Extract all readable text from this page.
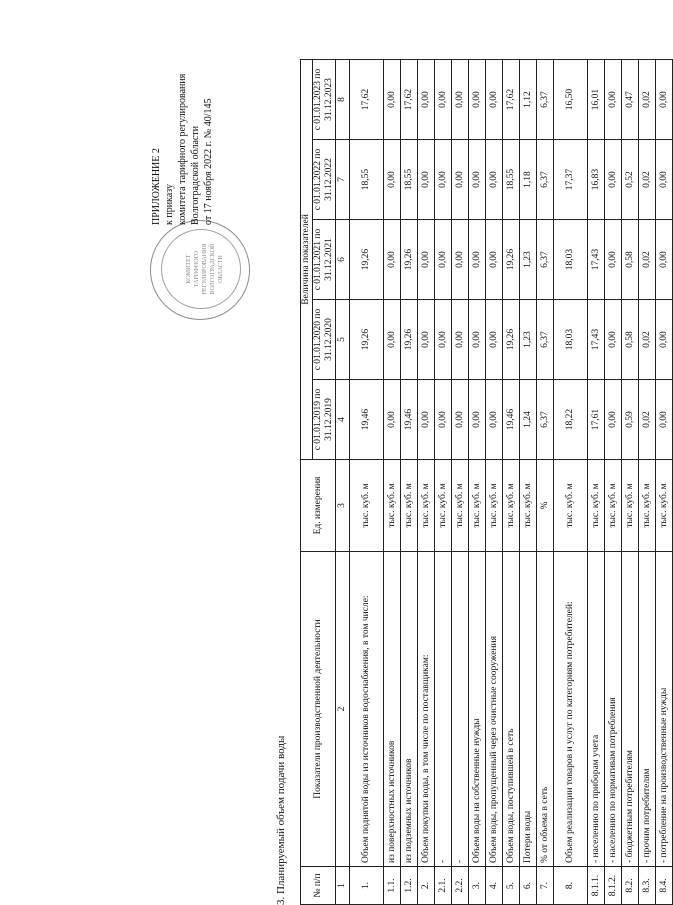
КОМИТЕТ ТАРИФНОГО РЕГУЛИРОВАНИЯ ВОЛГОГРАДСКОЙ ОБЛАСТИ
ПРИЛОЖЕНИЕ 2 к приказу комитета тарифного регулирования Волгоградской области от 17 ноября 2022 г. № 40/145
3. Планируемый объем подачи воды	№ п/п	Показатели производственной деятельности	Ед. измерения	Величина показателей				
			с 01.01.2019 по 31.12.2019	с 01.01.2020 по 31.12.2020	с 01.01.2021 по 31.12.2021	с 01.01.2022 по 31.12.2022	с 01.01.2023 по 31.12.2023
1	2	3	4	5	6	7	8
1.	Объем поднятой воды из источников водоснабжения, в том числе:	тыс. куб. м	19,46	19,26	19,26	18,55	17,62
1.1.	из поверхностных источников	тыс. куб. м	0,00	0,00	0,00	0,00	0,00
1.2.	из подземных источников	тыс. куб. м	19,46	19,26	19,26	18,55	17,62
2.	Объем покупки воды, в том числе по поставщикам:	тыс. куб. м	0,00	0,00	0,00	0,00	0,00
2.1.	-	тыс. куб. м	0,00	0,00	0,00	0,00	0,00
2.2.	-	тыс. куб. м	0,00	0,00	0,00	0,00	0,00
3.	Объем воды на собственные нужды	тыс. куб. м	0,00	0,00	0,00	0,00	0,00
4.	Объем воды, пропущенный через очистные сооружения	тыс. куб. м	0,00	0,00	0,00	0,00	0,00
5.	Объем воды, поступившей в сеть	тыс. куб. м	19,46	19,26	19,26	18,55	17,62
6.	Потери воды	тыс. куб. м	1,24	1,23	1,23	1,18	1,12
7.	% от объема в сеть	%	6,37	6,37	6,37	6,37	6,37
8.	Объем реализации товаров и услуг по категориям потребителей:	тыс. куб. м	18,22	18,03	18,03	17,37	16,50
8.1.1.	- населению по приборам учета	тыс. куб. м	17,61	17,43	17,43	16,83	16,01
8.1.2.	- населению по нормативам потребления	тыс. куб. м	0,00	0,00	0,00	0,00	0,00
8.2.	- бюджетным потребителям	тыс. куб. м	0,59	0,58	0,58	0,52	0,47
8.3.	- прочим потребителям	тыс. куб. м	0,02	0,02	0,02	0,02	0,02
8.4.	- потребление на производственные нужды	тыс. куб. м	0,00	0,00	0,00	0,00	0,00
